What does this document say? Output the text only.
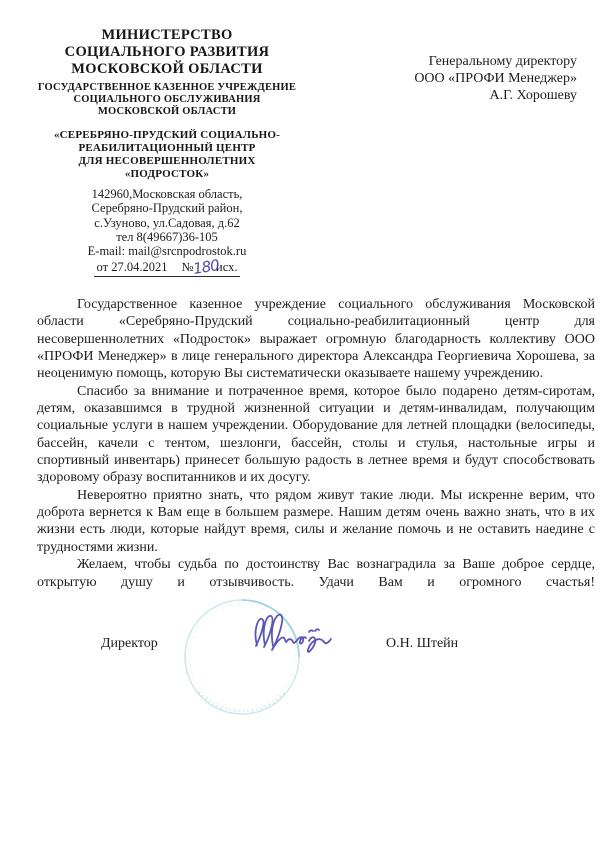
МИНИСТЕРСТВО
СОЦИАЛЬНОГО РАЗВИТИЯ
МОСКОВСКОЙ ОБЛАСТИ
ГОСУДАРСТВЕННОЕ КАЗЕННОЕ УЧРЕЖДЕНИЕ
СОЦИАЛЬНОГО ОБСЛУЖИВАНИЯ
МОСКОВСКОЙ ОБЛАСТИ
«СЕРЕБРЯНО-ПРУДСКИЙ СОЦИАЛЬНО-
РЕАБИЛИТАЦИОННЫЙ ЦЕНТР
ДЛЯ НЕСОВЕРШЕННОЛЕТНИХ
«ПОДРОСТОК»
142960,Московская область,
Серебряно-Прудский район,
с.Узуново, ул.Садовая, д.62
тел 8(49667)36-105
E-mail: mail@srcnpodrostok.ru
от 27.04.2021 №180исх.
Генеральному директору
ООО «ПРОФИ Менеджер»
А.Г. Хорошеву

Государственное казенное учреждение социального обслуживания Московской области «Серебряно-Прудский социально-реабилитационный центр для несовершеннолетних «Подросток» выражает огромную благодарность коллективу ООО «ПРОФИ Менеджер» в лице генерального директора Александра Георгиевича Хорошева, за неоценимую помощь, которую Вы систематически оказываете нашему учреждению.

Спасибо за внимание и потраченное время, которое было подарено детям-сиротам, детям, оказавшимся в трудной жизненной ситуации и детям-инвалидам, получающим социальные услуги в нашем учреждении. Оборудование для летней площадки (велосипеды, бассейн, качели с тентом, шезлонги, бассейн, столы и стулья, настольные игры и спортивный инвентарь) принесет большую радость в летнее время и будут способствовать здоровому образу воспитанников и их досугу.

Невероятно приятно знать, что рядом живут такие люди. Мы искренне верим, что доброта вернется к Вам еще в большем размере. Нашим детям очень важно знать, что в их жизни есть люди, которые найдут время, силы и желание помочь и не оставить наедине с трудностями жизни.

Желаем, чтобы судьба по достоинству Вас вознаградила за Ваше доброе сердце, открытую душу и отзывчивость. Удачи Вам и огромного счастья!

Директор	О.Н. Штейн
